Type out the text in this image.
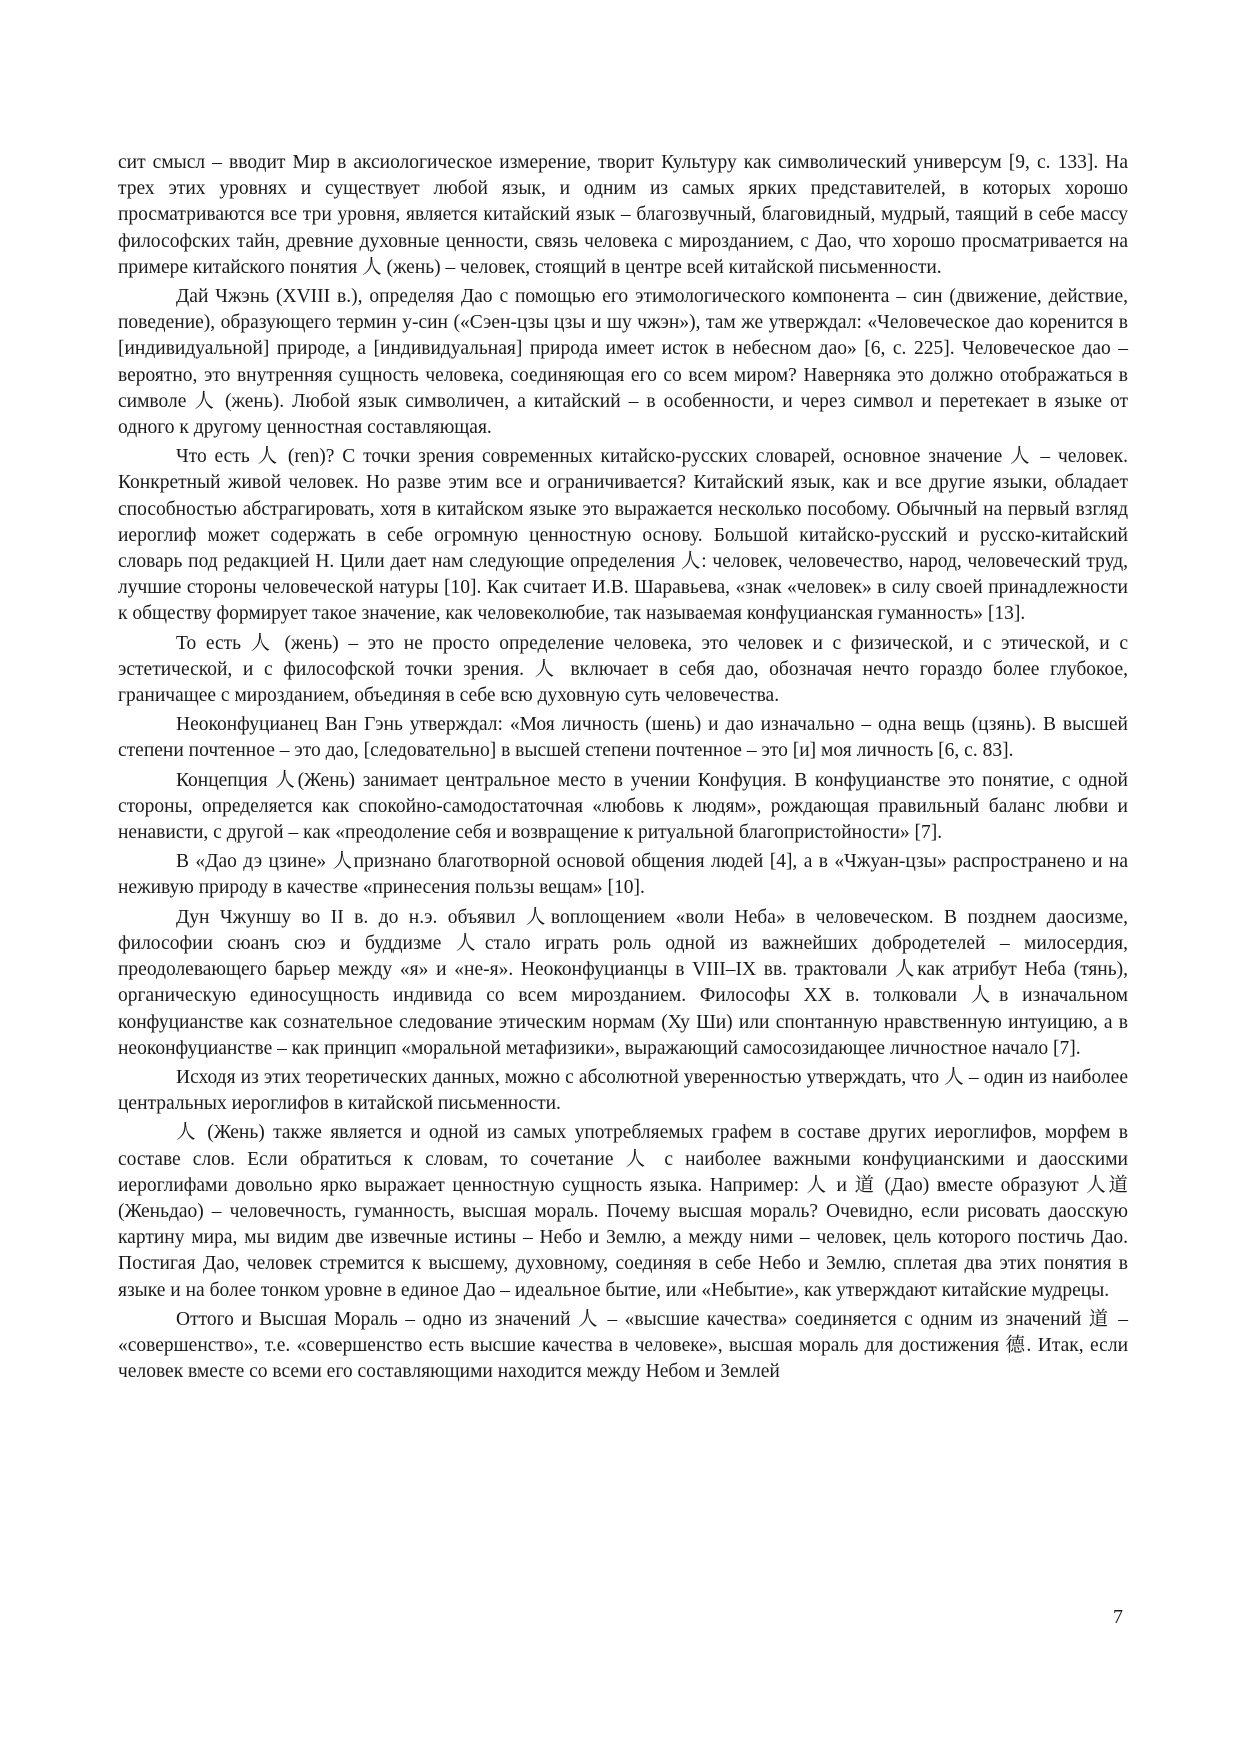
сит смысл – вводит Мир в аксиологическое измерение, творит Культуру как символический универсум [9, с. 133]. На трех этих уровнях и существует любой язык, и одним из самых ярких представителей, в которых хорошо просматриваются все три уровня, является китайский язык – благозвучный, благовидный, мудрый, таящий в себе массу философских тайн, древние духовные ценности, связь человека с мирозданием, с Дао, что хорошо просматривается на примере китайского понятия 人 (жень) – человек, стоящий в центре всей китайской письменности.

Дай Чжэнь (XVIII в.), определяя Дао с помощью его этимологического компонента – син (движение, действие, поведение), образующего термин у-син («Сэен-цзы цзы и шу чжэн»), там же утверждал: «Человеческое дао коренится в [индивидуальной] природе, а [индивидуальная] природа имеет исток в небесном дао» [6, с. 225]. Человеческое дао – вероятно, это внутренняя сущность человека, соединяющая его со всем миром? Наверняка это должно отображаться в символе 人 (жень). Любой язык символичен, а китайский – в особенности, и через символ и перетекает в языке от одного к другому ценностная составляющая.

Что есть 人 (ren)? С точки зрения современных китайско-русских словарей, основное значение 人 – человек. Конкретный живой человек. Но разве этим все и ограничивается? Китайский язык, как и все другие языки, обладает способностью абстрагировать, хотя в китайском языке это выражается несколько пособому. Обычный на первый взгляд иероглиф может содержать в себе огромную ценностную основу. Большой китайско-русский и русско-китайский словарь под редакцией Н. Цили дает нам следующие определения 人: человек, человечество, народ, человеческий труд, лучшие стороны человеческой натуры [10]. Как считает И.В. Шаравьева, «знак «человек» в силу своей принадлежности к обществу формирует такое значение, как человеколюбие, так называемая конфуцианская гуманность» [13].

То есть 人 (жень) – это не просто определение человека, это человек и с физической, и с этической, и с эстетической, и с философской точки зрения. 人 включает в себя дао, обозначая нечто гораздо более глубокое, граничащее с мирозданием, объединяя в себе всю духовную суть человечества.

Неоконфуцианец Ван Гэнь утверждал: «Моя личность (шень) и дао изначально – одна вещь (цзянь). В высшей степени почтенное – это дао, [следовательно] в высшей степени почтенное – это [и] моя личность [6, с. 83].

Концепция 人(Жень) занимает центральное место в учении Конфуция. В конфуцианстве это понятие, с одной стороны, определяется как спокойно-самодостаточная «любовь к людям», рождающая правильный баланс любви и ненависти, с другой – как «преодоление себя и возвращение к ритуальной благопристойности» [7].

В «Дао дэ цзине» 人признано благотворной основой общения людей [4], а в «Чжуан-цзы» распространено и на неживую природу в качестве «принесения пользы вещам» [10].

Дун Чжуншу во II в. до н.э. объявил 人воплощением «воли Неба» в человеческом. В позднем даосизме, философии сюанъ сюэ и буддизме 人стало играть роль одной из важнейших добродетелей – милосердия, преодолевающего барьер между «я» и «не-я». Неоконфуцианцы в VIII–IX вв. трактовали 人как атрибут Неба (тянь), органическую единосущность индивида со всем мирозданием. Философы XX в. толковали 人в изначальном конфуцианстве как сознательное следование этическим нормам (Ху Ши) или спонтанную нравственную интуицию, а в неоконфуцианстве – как принцип «моральной метафизики», выражающий самосозидающее личностное начало [7].

Исходя из этих теоретических данных, можно с абсолютной уверенностью утверждать, что 人 – один из наиболее центральных иероглифов в китайской письменности.

人 (Жень) также является и одной из самых употребляемых графем в составе других иероглифов, морфем в составе слов. Если обратиться к словам, то сочетание 人 с наиболее важными конфуцианскими и даосскими иероглифами довольно ярко выражает ценностную сущность языка. Например: 人 и 道 (Дао) вместе образуют 人道 (Женьдао) – человечность, гуманность, высшая мораль. Почему высшая мораль? Очевидно, если рисовать даосскую картину мира, мы видим две извечные истины – Небо и Землю, а между ними – человек, цель которого постичь Дао. Постигая Дао, человек стремится к высшему, духовному, соединяя в себе Небо и Землю, сплетая два этих понятия в языке и на более тонком уровне в единое Дао – идеальное бытие, или «Небытие», как утверждают китайские мудрецы.

Оттого и Высшая Мораль – одно из значений 人 – «высшие качества» соединяется с одним из значений 道 – «совершенство», т.е. «совершенство есть высшие качества в человеке», высшая мораль для достижения 德. Итак, если человек вместе со всеми его составляющими находится между Небом и Землей

7
